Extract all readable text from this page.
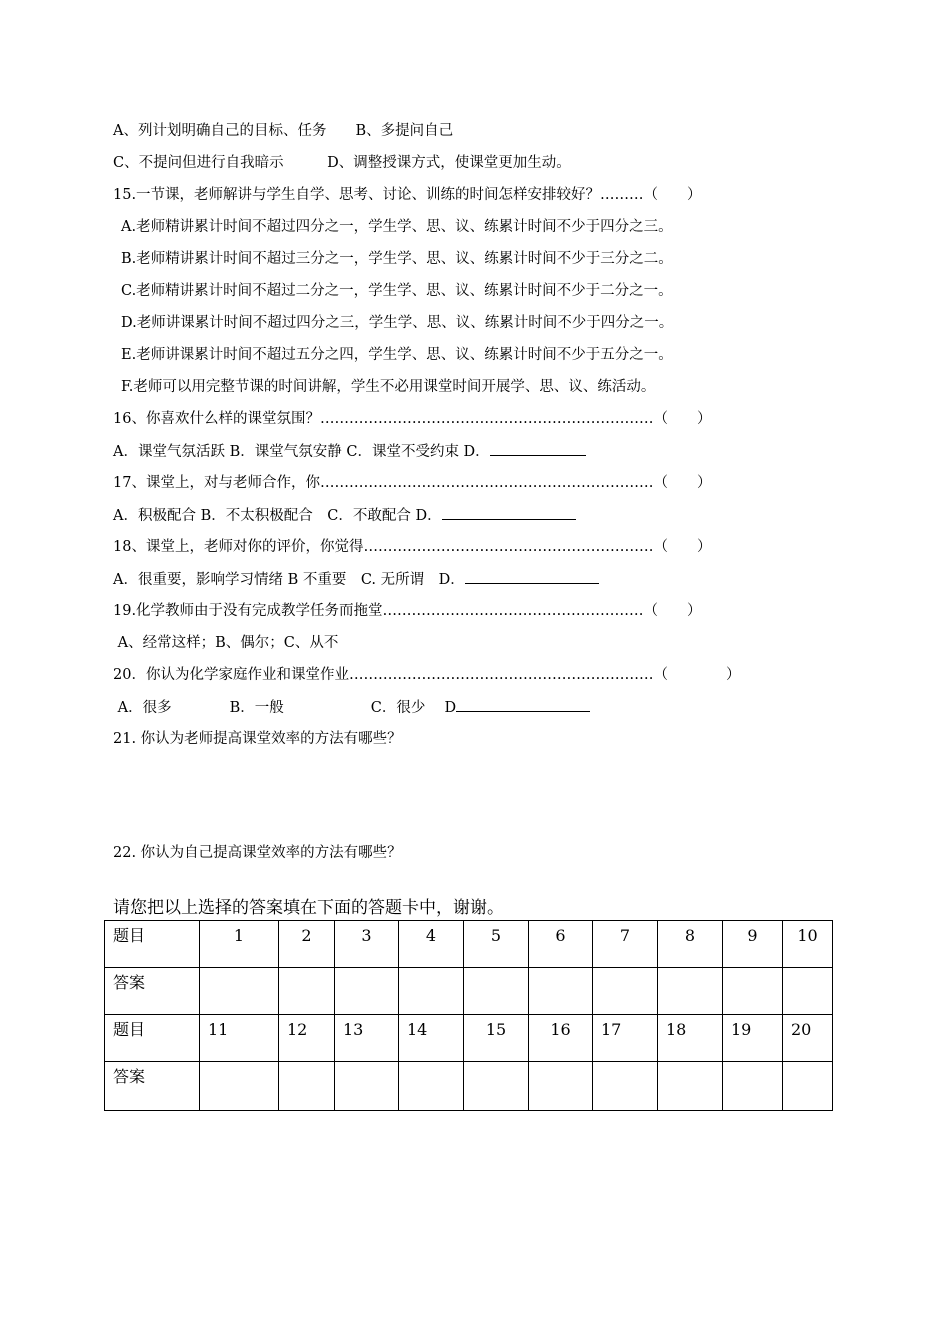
A、列计划明确自己的目标、任务　　B、多提问自己
C、不提问但进行自我暗示　　　D、调整授课方式，使课堂更加生动。
15.一节课，老师解讲与学生自学、思考、讨论、训练的时间怎样安排较好？………（　　）
A.老师精讲累计时间不超过四分之一，学生学、思、议、练累计时间不少于四分之三。
B.老师精讲累计时间不超过三分之一，学生学、思、议、练累计时间不少于三分之二。
C.老师精讲累计时间不超过二分之一，学生学、思、议、练累计时间不少于二分之一。
D.老师讲课累计时间不超过四分之三，学生学、思、议、练累计时间不少于四分之一。
E.老师讲课累计时间不超过五分之四，学生学、思、议、练累计时间不少于五分之一。
F.老师可以用完整节课的时间讲解，学生不必用课堂时间开展学、思、议、练活动。
16、你喜欢什么样的课堂氛围？……………………………………………………………（　　）
A．课堂气氛活跃 B．课堂气氛安静 C．课堂不受约束 D．
17、课堂上，对与老师合作，你……………………………………………………………（　　）
A．积极配合 B．不太积极配合　C．不敢配合 D．
18、课堂上，老师对你的评价，你觉得……………………………………………………（　　）
A．很重要，影响学习情绪 B 不重要　C. 无所谓　D．
19.化学教师由于没有完成教学任务而拖堂………………………………………………（　　）
A、经常这样；B、偶尔；C、从不
20．你认为化学家庭作业和课堂作业………………………………………………………（　　　　）
A．很多　　　　B．一般　　　　　　C．很少　 D
21. 你认为老师提高课堂效率的方法有哪些？
22. 你认为自己提高课堂效率的方法有哪些？
请您把以上选择的答案填在下面的答题卡中，谢谢。
题目	1	2	3	4	5	6	7	8	9	10
答案										
题目	11	12	13	14	15	16	17	18	19	20
答案										
